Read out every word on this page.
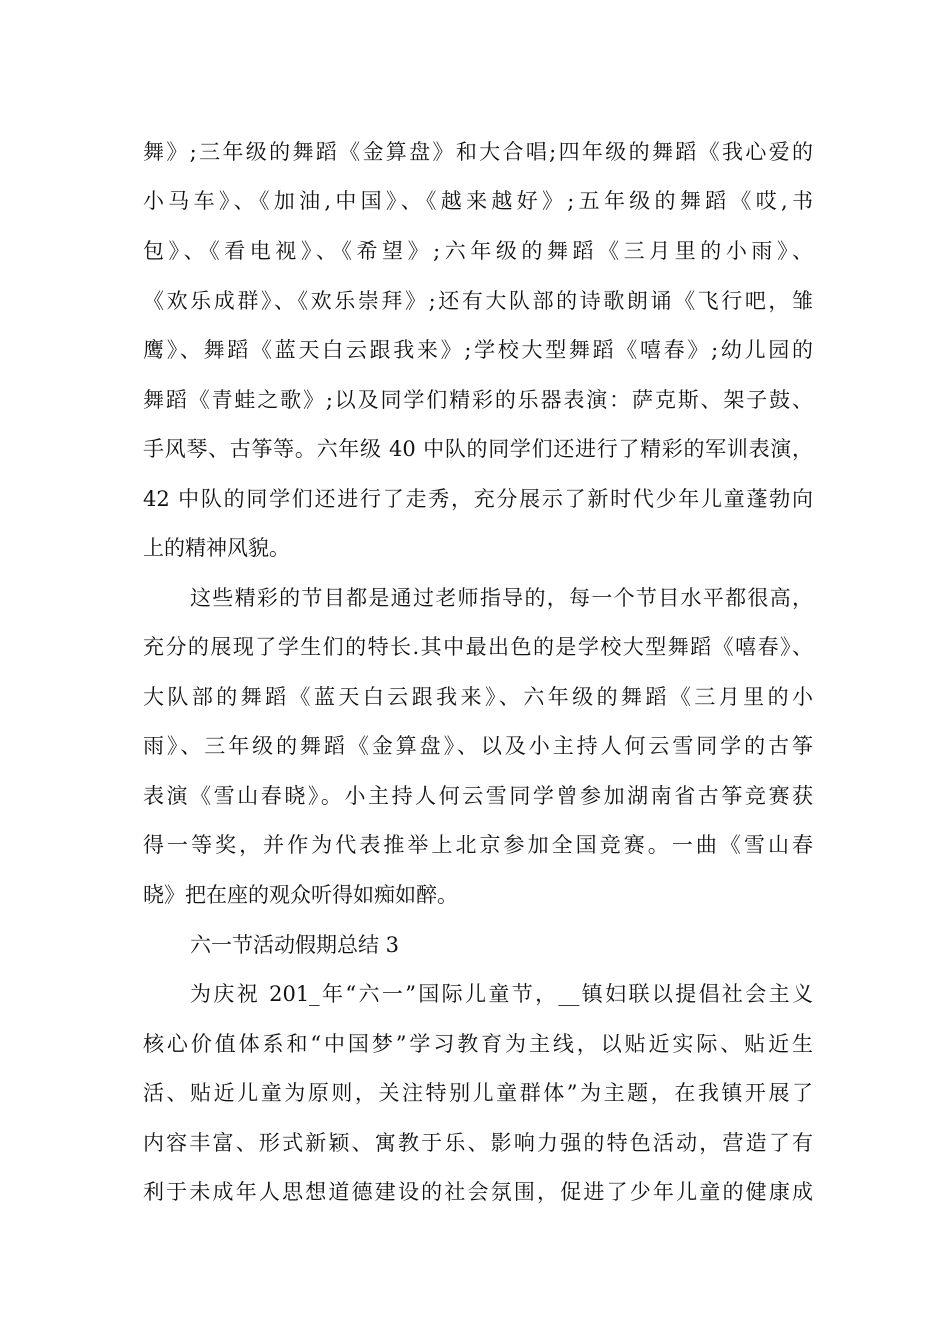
舞》;三年级的舞蹈《金算盘》和大合唱;四年级的舞蹈《我心爱的
小马车》、《加油,中国》、《越来越好》;五年级的舞蹈《哎,书
包》、《看电视》、《希望》;六年级的舞蹈《三月里的小雨》、
《欢乐成群》、《欢乐崇拜》;还有大队部的诗歌朗诵《飞行吧，雏
鹰》、舞蹈《蓝天白云跟我来》;学校大型舞蹈《嘻春》;幼儿园的
舞蹈《青蛙之歌》;以及同学们精彩的乐器表演：萨克斯、架子鼓、
手风琴、古筝等。六年级 40 中队的同学们还进行了精彩的军训表演，
42 中队的同学们还进行了走秀，充分展示了新时代少年儿童蓬勃向
上的精神风貌。
这些精彩的节目都是通过老师指导的，每一个节目水平都很高，
充分的展现了学生们的特长.其中最出色的是学校大型舞蹈《嘻春》、
大队部的舞蹈《蓝天白云跟我来》、六年级的舞蹈《三月里的小
雨》、三年级的舞蹈《金算盘》、以及小主持人何云雪同学的古筝
表演《雪山春晓》。小主持人何云雪同学曾参加湖南省古筝竞赛获
得一等奖，并作为代表推举上北京参加全国竞赛。一曲《雪山春
晓》把在座的观众听得如痴如醉。
六一节活动假期总结 3
为庆祝 201_年“六一”国际儿童节，__镇妇联以提倡社会主义
核心价值体系和“中国梦”学习教育为主线，以贴近实际、贴近生
活、贴近儿童为原则，关注特别儿童群体”为主题，在我镇开展了
内容丰富、形式新颖、寓教于乐、影响力强的特色活动，营造了有
利于未成年人思想道德建设的社会氛围，促进了少年儿童的健康成
